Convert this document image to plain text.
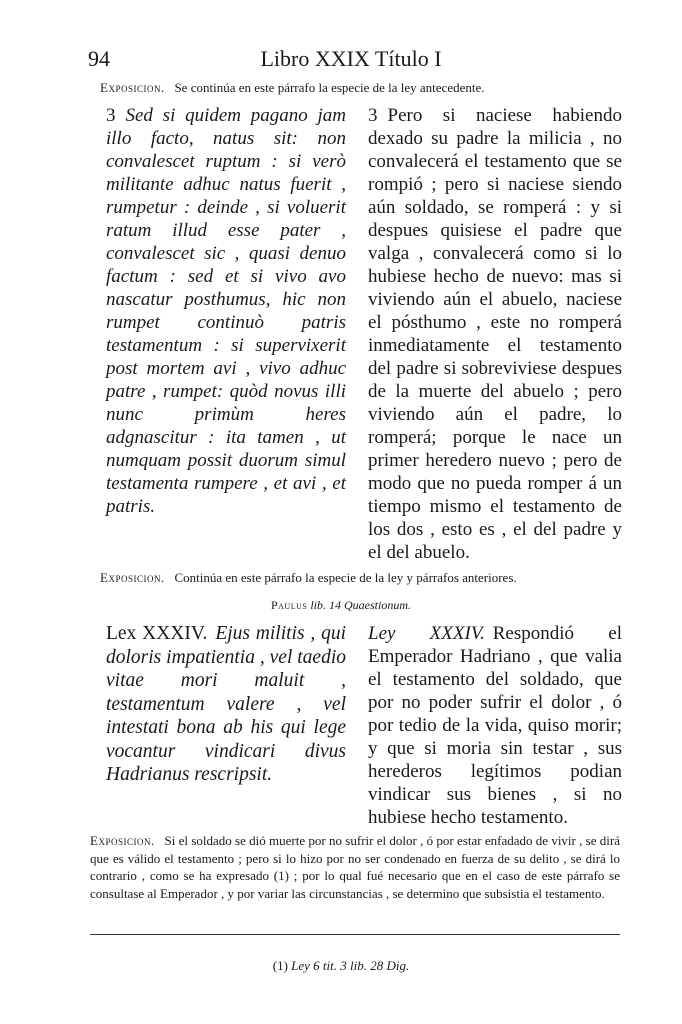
94	Libro XXIX Título I
Exposicion. Se continúa en este párrafo la especie de la ley antecedente.

3 Sed si quidem pagano jam illo facto, natus sit: non convalescet ruptum : si verò militante adhuc natus fuerit , rumpetur : deinde , si voluerit ratum illud esse pater , convalescet sic , quasi denuo factum : sed et si vivo avo nascatur posthumus, hic non rumpet continuò patris testamentum : si supervixerit post mortem avi , vivo adhuc patre , rumpet: quòd novus illi nunc primùm heres adgnascitur : ita tamen , ut numquam possit duorum simul testamenta rumpere , et avi , et patris.

3 Pero si naciese habiendo dexado su padre la milicia , no convalecerá el testamento que se rompió ; pero si naciese siendo aún soldado, se romperá : y si despues quisiese el padre que valga , convalecerá como si lo hubiese hecho de nuevo: mas si viviendo aún el abuelo, naciese el pósthumo , este no romperá inmediatamente el testamento del padre si sobreviviese despues de la muerte del abuelo ; pero viviendo aún el padre, lo romperá; porque le nace un primer heredero nuevo ; pero de modo que no pueda romper á un tiempo mismo el testamento de los dos , esto es , el del padre y el del abuelo.

Exposicion. Continúa en este párrafo la especie de la ley y párrafos anteriores.
Paulus lib. 14 Quaestionum.

Lex XXXIV. Ejus militis , qui doloris impatientia , vel taedio vitae mori maluit , testamentum valere , vel intestati bona ab his qui lege vocantur vindicari divus Hadrianus rescripsit.

Ley XXXIV. Respondió el Emperador Hadriano , que valia el testamento del soldado, que por no poder sufrir el dolor , ó por tedio de la vida, quiso morir; y que si moria sin testar , sus herederos legítimos podian vindicar sus bienes , si no hubiese hecho testamento.

Exposicion. Si el soldado se dió muerte por no sufrir el dolor , ó por estar enfadado de vivir , se dirá que es válido el testamento ; pero si lo hizo por no ser condenado en fuerza de su delito , se dirá lo contrario , como se ha expresado (1) ; por lo qual fué necesario que en el caso de este párrafo se consultase al Emperador , y por variar las circunstancias , se determino que subsistia el testamento.
(1) Ley 6 tit. 3 lib. 28 Dig.
